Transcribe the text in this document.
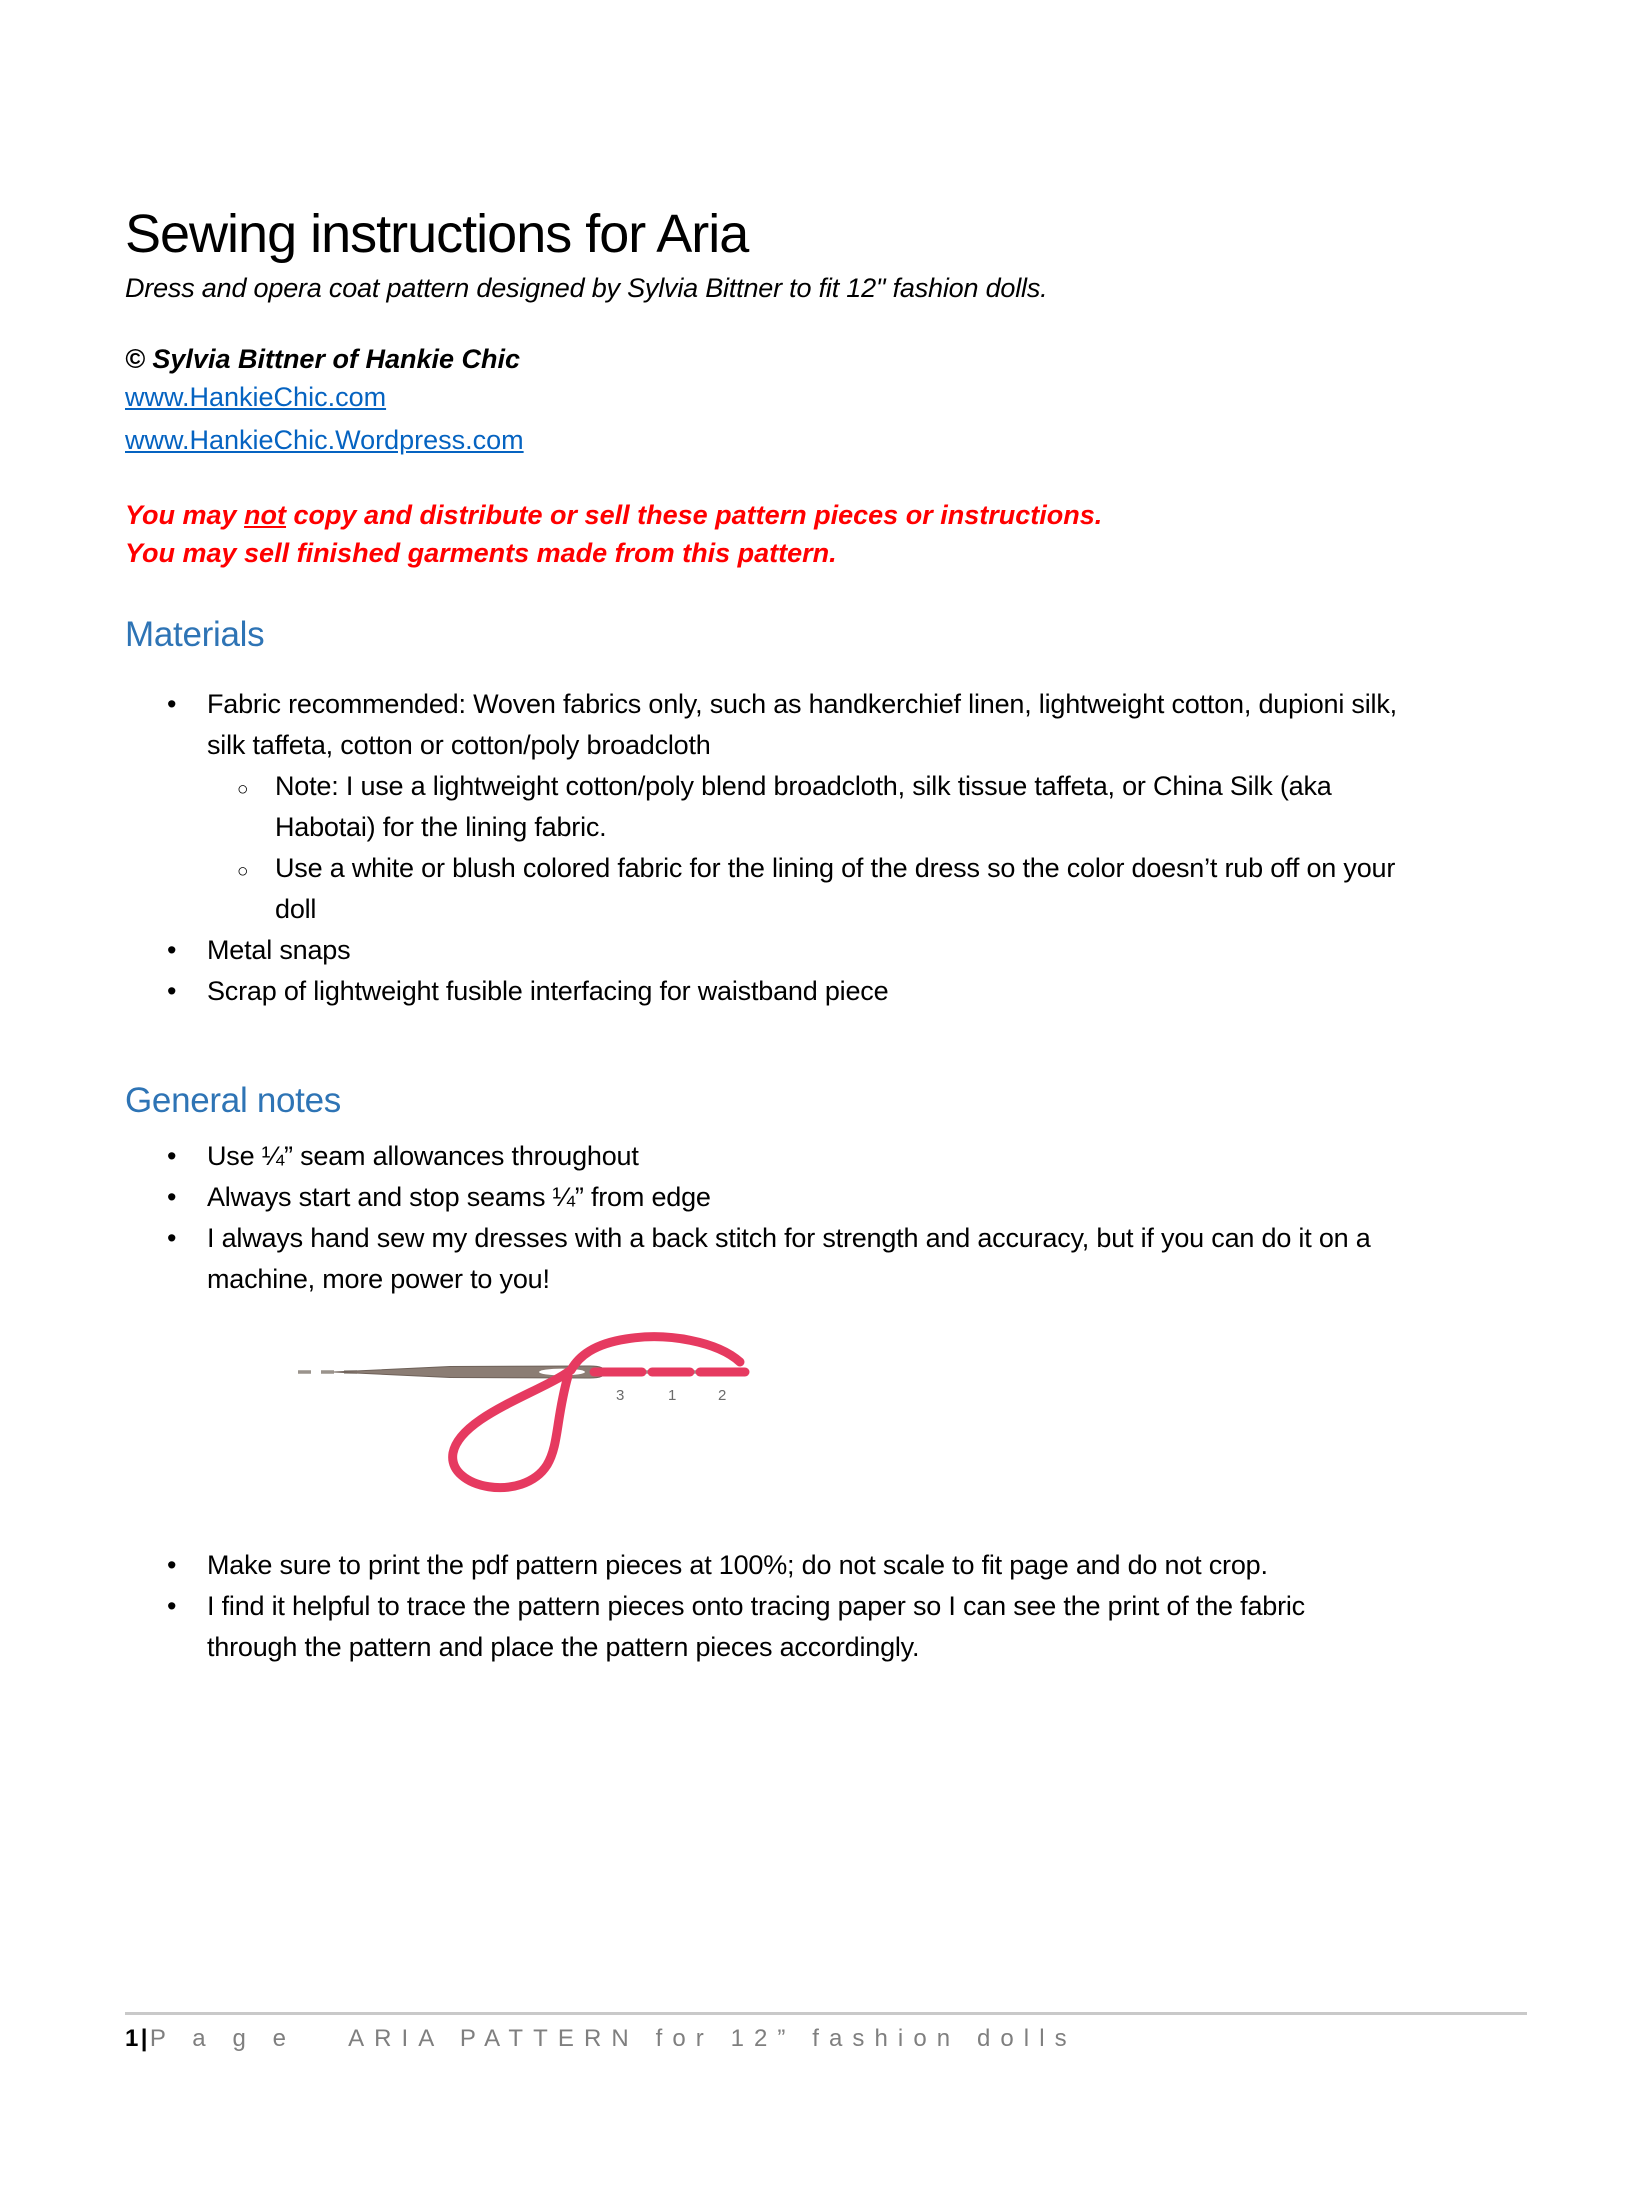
Sewing instructions for Aria

Dress and opera coat pattern designed by Sylvia Bittner to fit 12" fashion dolls.

© Sylvia Bittner of Hankie Chic

www.HankieChic.com
www.HankieChic.Wordpress.com

You may not copy and distribute or sell these pattern pieces or instructions.

You may sell finished garments made from this pattern.

Materials
•
Fabric recommended: Woven fabrics only, such as handkerchief linen, lightweight cotton, dupioni silk, silk taffeta, cotton or cotton/poly broadcloth
○
Note: I use a lightweight cotton/poly blend broadcloth, silk tissue taffeta, or China Silk (aka Habotai) for the lining fabric.
○
Use a white or blush colored fabric for the lining of the dress so the color doesn’t rub off on your doll
•
Metal snaps
•
Scrap of lightweight fusible interfacing for waistband piece
General notes
•
Use ¼” seam allowances throughout
•
Always start and stop seams ¼” from edge
•
I always hand sew my dresses with a back stitch for strength and accuracy, but if you can do it on a machine, more power to you!
3	1	2
•
Make sure to print the pdf pattern pieces at 100%; do not scale to fit page and do not crop.
•
I find it helpful to trace the pattern pieces onto tracing paper so I can see the print of the fabric through the pattern and place the pattern pieces accordingly.
1|P a g e ARIA PATTERN for 12” fashion dolls
